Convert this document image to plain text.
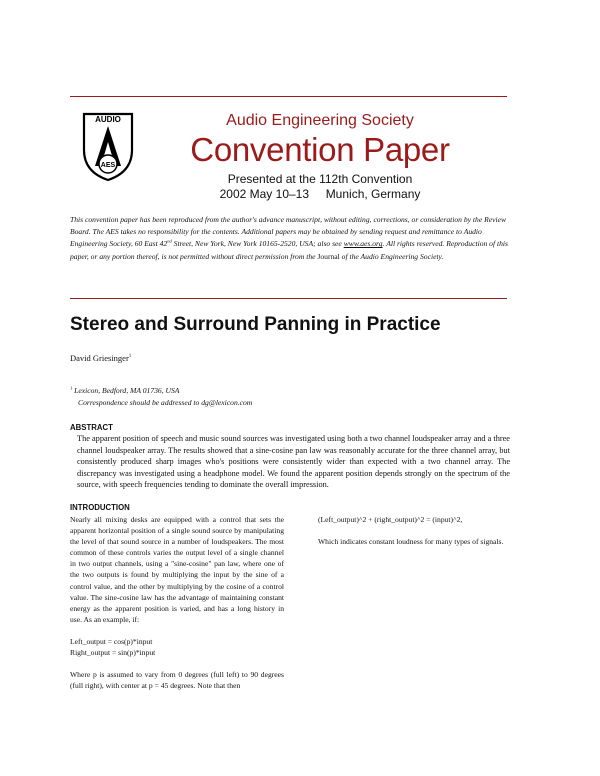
AUDIO
AES
Audio Engineering Society
Convention Paper
Presented at the 112th Convention
2002 May 10–13 Munich, Germany
This convention paper has been reproduced from the author's advance manuscript, without editing, corrections, or consideration by the Review Board. The AES takes no responsibility for the contents. Additional papers may be obtained by sending request and remittance to Audio Engineering Society, 60 East 42nd Street, New York, New York 10165-2520, USA; also see www.aes.org. All rights reserved. Reproduction of this paper, or any portion thereof, is not permitted without direct permission from the Journal of the Audio Engineering Society.
Stereo and Surround Panning in Practice
David Griesinger$^1$
$^1$ Lexicon, Bedford, MA 01736, USA
Correspondence should be addressed to dg@lexicon.com
ABSTRACT
The apparent position of speech and music sound sources was investigated using both a two channel loudspeaker array and a three channel loudspeaker array. The results showed that a sine-cosine pan law was reasonably accurate for the three channel array, but consistently produced sharp images who's positions were consistently wider than expected with a two channel array. The discrepancy was investigated using a headphone model. We found the apparent position depends strongly on the spectrum of the source, with speech frequencies tending to dominate the overall impression.
INTRODUCTION

Nearly all mixing desks are equipped with a control that sets the apparent horizontal position of a single sound source by manipulating the level of that sound source in a number of loudspeakers. The most common of these controls varies the output level of a single channel in two output channels, using a "sine-cosine" pan law, where one of the two outputs is found by multiplying the input by the sine of a control value, and the other by multiplying by the cosine of a control value. The sine-cosine law has the advantage of maintaining constant energy as the apparent position is varied, and has a long history in use. As an example, if:

Left_output = cos(p)*input

Right_output = sin(p)*input

Where p is assumed to vary from 0 degrees (full left) to 90 degrees (full right), with center at p = 45 degrees. Note that then

(Left_output)^2 + (right_output)^2 = (input)^2,

Which indicates constant loudness for many types of signals.
